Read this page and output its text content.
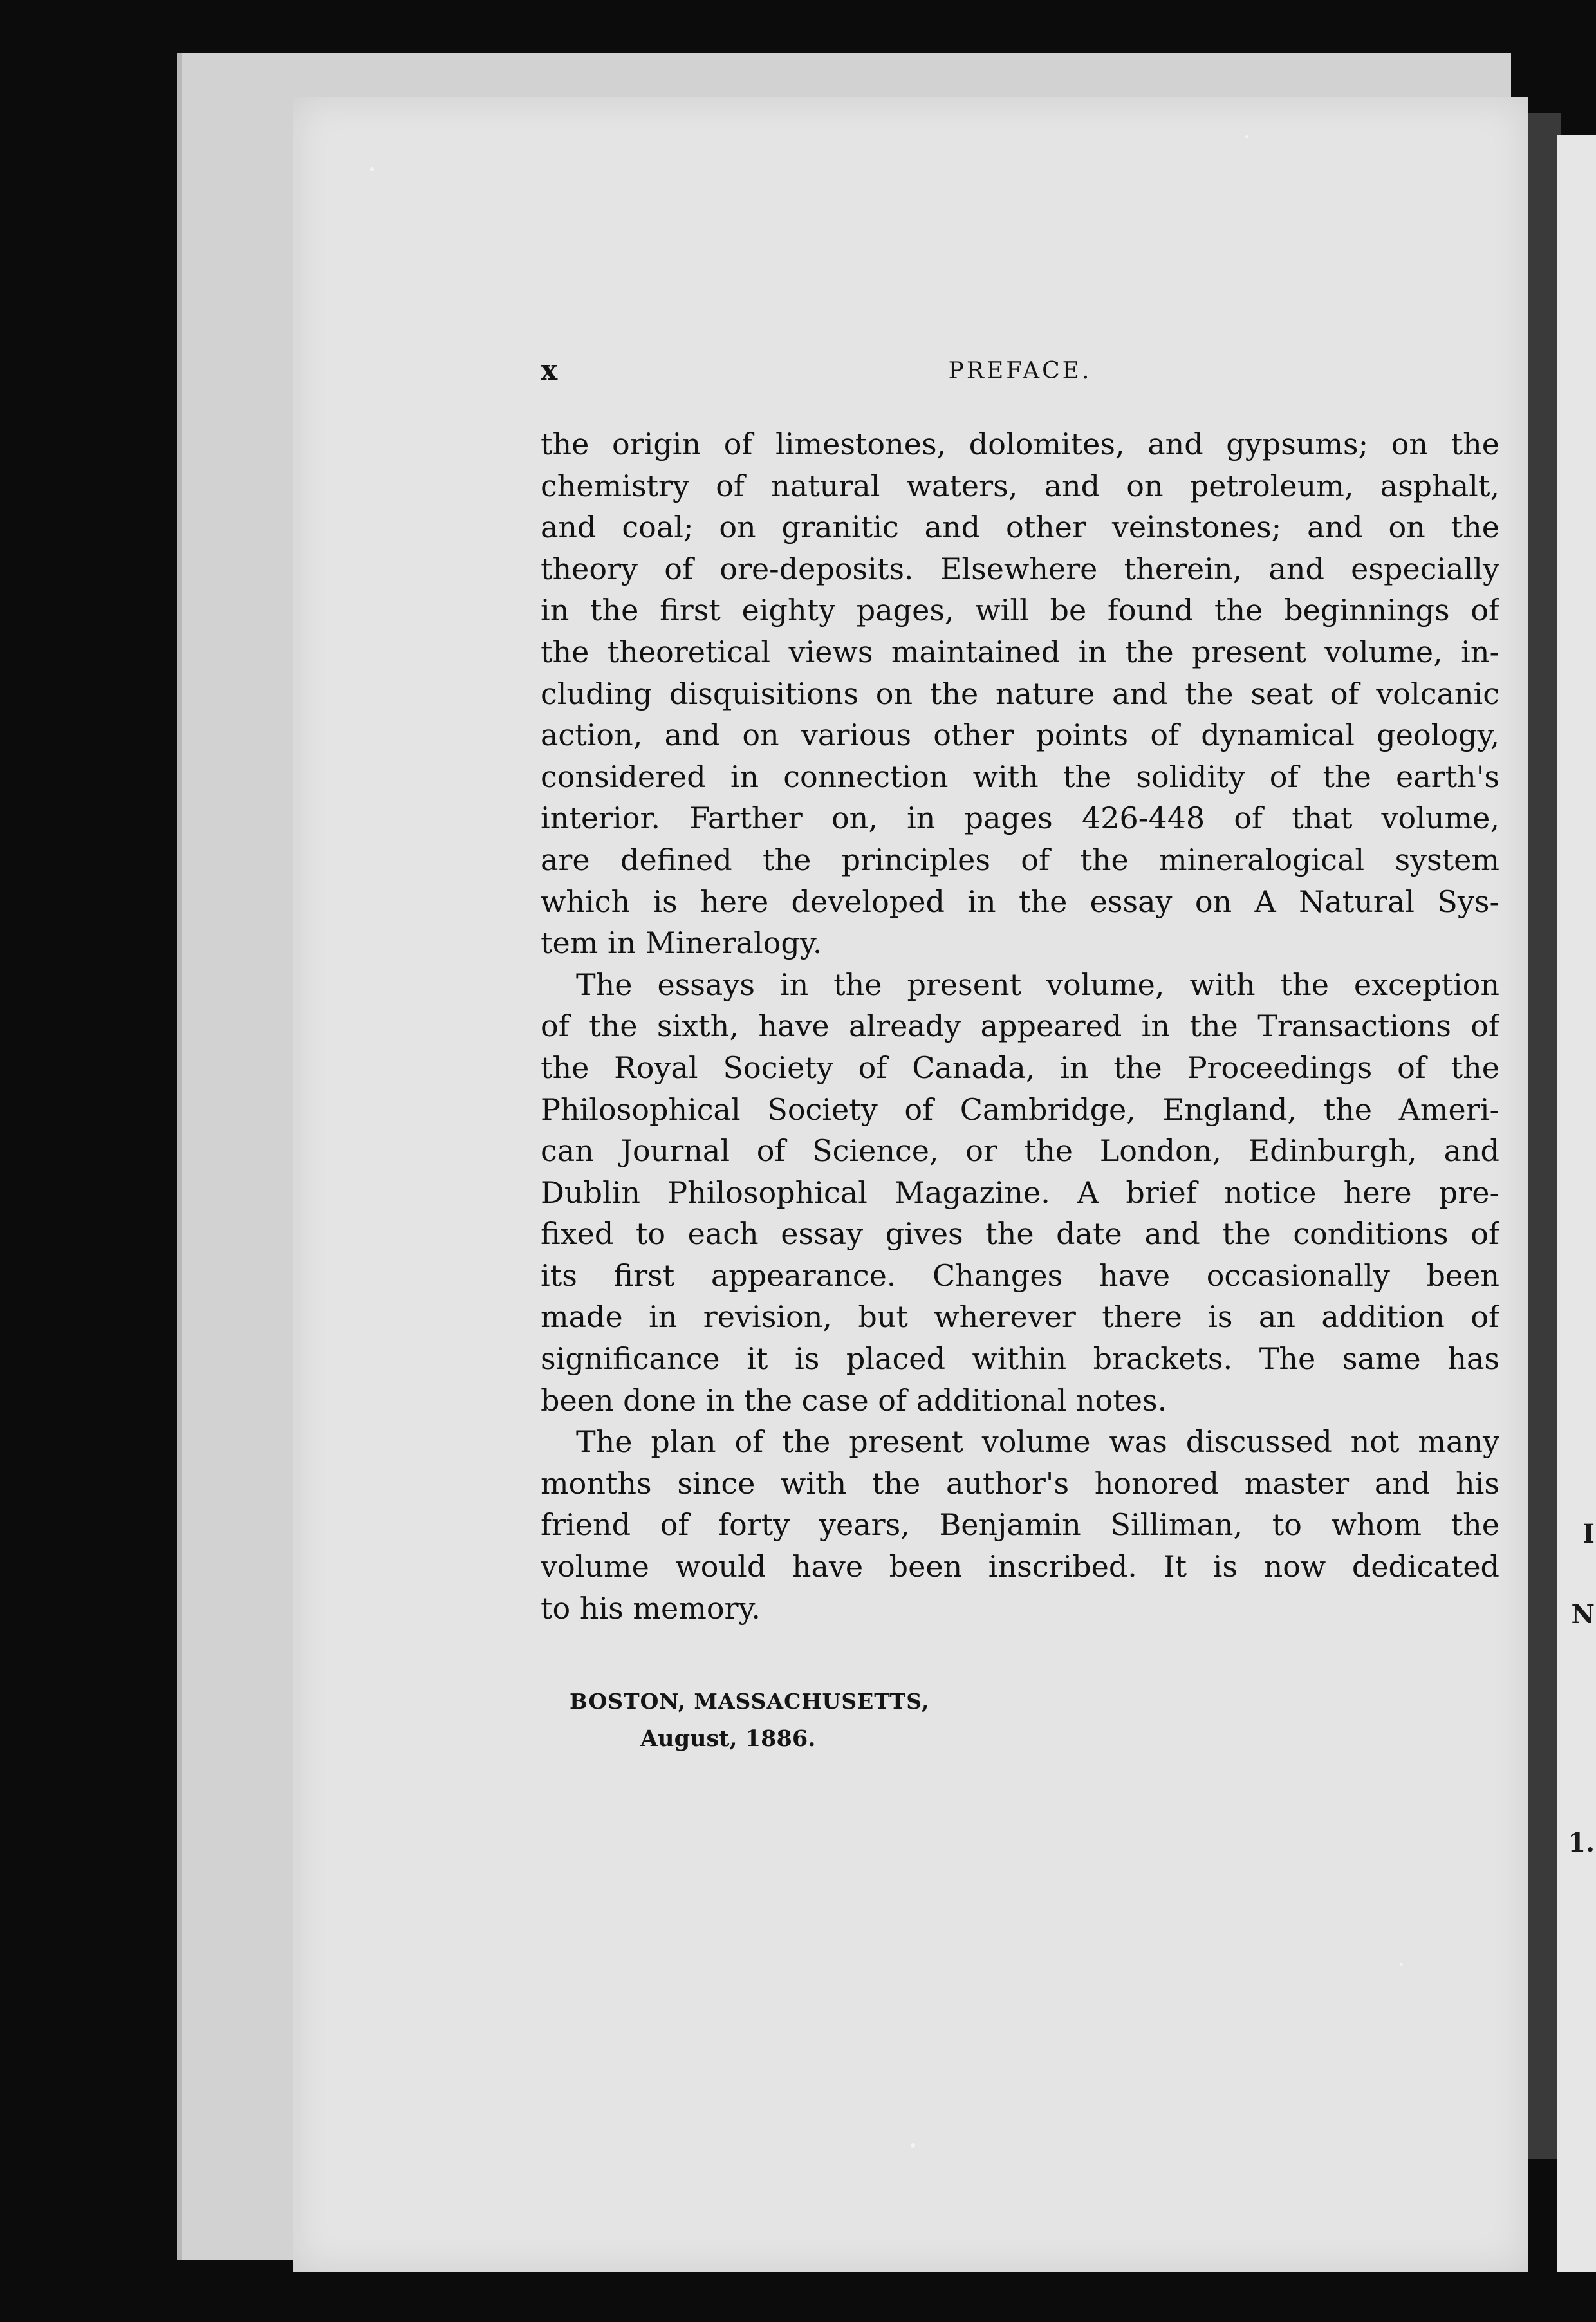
I
N
1.
x	PREFACE.
the origin of limestones, dolomites, and gypsums; on the
chemistry of natural waters, and on petroleum, asphalt,
and coal; on granitic and other veinstones; and on the
theory of ore-deposits. Elsewhere therein, and especially
in the first eighty pages, will be found the beginnings of
the theoretical views maintained in the present volume, in-
cluding disquisitions on the nature and the seat of volcanic
action, and on various other points of dynamical geology,
considered in connection with the solidity of the earth's
interior. Farther on, in pages 426-448 of that volume,
are defined the principles of the mineralogical system
which is here developed in the essay on A Natural Sys-
tem in Mineralogy.
The essays in the present volume, with the exception
of the sixth, have already appeared in the Transactions of
the Royal Society of Canada, in the Proceedings of the
Philosophical Society of Cambridge, England, the Ameri-
can Journal of Science, or the London, Edinburgh, and
Dublin Philosophical Magazine. A brief notice here pre-
fixed to each essay gives the date and the conditions of
its first appearance. Changes have occasionally been
made in revision, but wherever there is an addition of
significance it is placed within brackets. The same has
been done in the case of additional notes.
The plan of the present volume was discussed not many
months since with the author's honored master and his
friend of forty years, Benjamin Silliman, to whom the
volume would have been inscribed. It is now dedicated
to his memory.
BOSTON, MASSACHUSETTS,
August, 1886.
